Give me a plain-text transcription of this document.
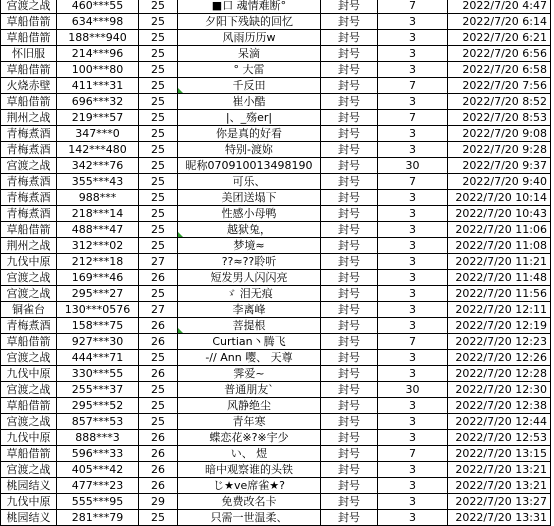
宫渡之战	460***55	25	■口 魂情难断°	封号	7	2022/7/20 4:47
草船借箭	634***98	25	夕阳下残缺的回忆	封号	3	2022/7/20 6:14
草船借箭	188***940	25	风雨历历w	封号	3	2022/7/20 6:21
怀旧服	214***96	25	呆滴	封号	3	2022/7/20 6:56
草船借箭	100***80	25	° 大雷	封号	3	2022/7/20 6:58
火烧赤壁	411***31	25	千反田	封号	7	2022/7/20 7:56
草船借箭	696***32	25	崔小酷	封号	3	2022/7/20 8:52
荆州之战	219***57	25	|、_殇er|	封号	7	2022/7/20 8:53
青梅煮酒	347***0	25	你是真的好看	封号	3	2022/7/20 9:08
青梅煮酒	142***480	25	特别-渡妳	封号	3	2022/7/20 9:28
宫渡之战	342***76	25	昵称070910013498190	封号	30	2022/7/20 9:37
青梅煮酒	355***43	25	可乐、	封号	7	2022/7/20 9:40
青梅煮酒	988***	25	美团送塌下	封号	3	2022/7/20 10:14
青梅煮酒	218***14	25	性感小母鸭	封号	3	2022/7/20 10:43
草船借箭	488***47	25	越狱兔，	封号	3	2022/7/20 11:06
荆州之战	312***02	25	梦境≈	封号	3	2022/7/20 11:08
九伐中原	212***18	27	??≈??聆听	封号	3	2022/7/20 11:21
宫渡之战	169***46	26	短发男人闪闪亮	封号	3	2022/7/20 11:48
宫渡之战	295***27	25	ゞ 泪无痕	封号	3	2022/7/20 11:56
铜雀台	130***0576	27	李离峰	封号	3	2022/7/20 12:11
青梅煮酒	158***75	26	菩提根	封号	3	2022/7/20 12:19
草船借箭	927***30	26	Curtian丶腾飞	封号	7	2022/7/20 12:23
宫渡之战	444***71	25	-// Ann 嘤、 天尊	封号	3	2022/7/20 12:26
九伐中原	330***55	26	霁爱~	封号	3	2022/7/20 12:28
宫渡之战	255***37	25	普通朋友`	封号	30	2022/7/20 12:30
草船借箭	295***52	25	风静绝尘	封号	3	2022/7/20 12:38
宫渡之战	857***53	25	青年寒	封号	3	2022/7/20 12:44
九伐中原	888***3	26	蝶恋花※?※宇少	封号	3	2022/7/20 12:53
草船借箭	596***33	26	い、 煜	封号	7	2022/7/20 13:15
宫渡之战	405***42	26	暗中观察谁的头铁	封号	3	2022/7/20 13:21
桃园结义	477***23	26	じ★ve席雀★?	封号	3	2022/7/20 13:21
九伐中原	555***95	29	免费改名卡	封号	3	2022/7/20 13:27
桃园结义	281***79	25	只需一世温柔、	封号	3	2022/7/20 13:31
